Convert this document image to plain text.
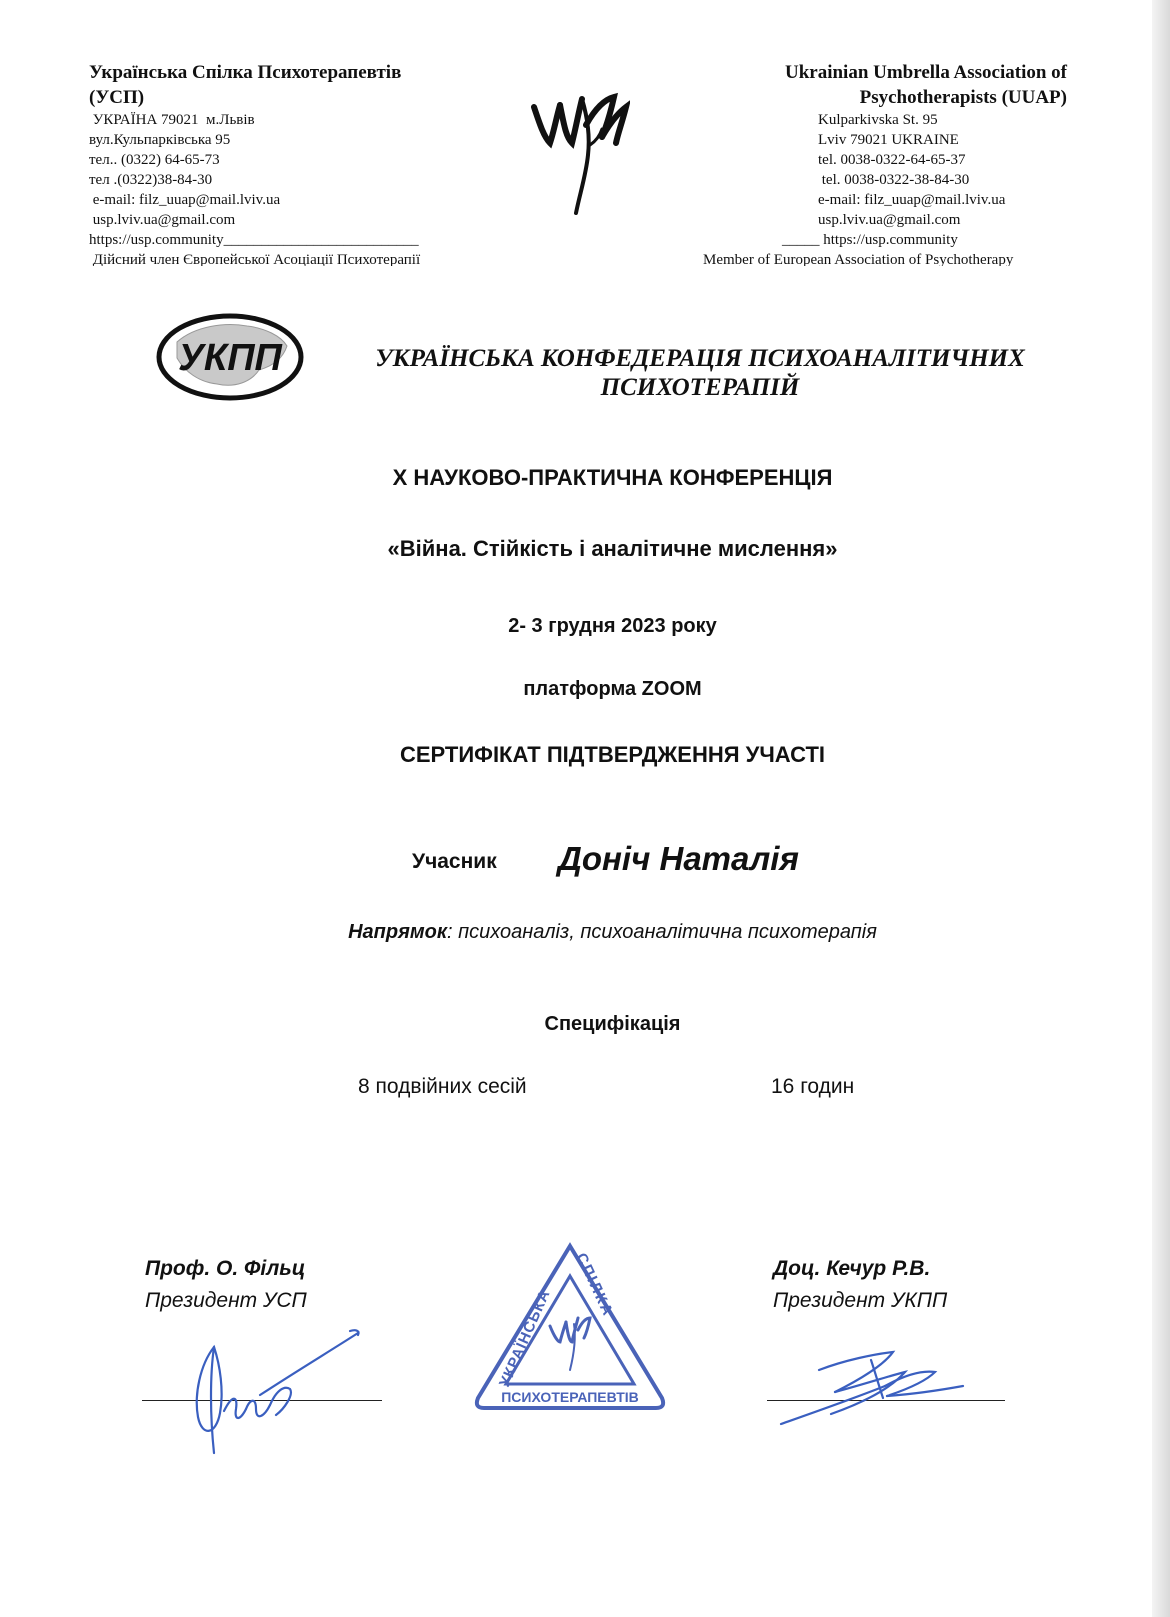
Українська Спілка Психотерапевтів
(УСП)
УКРАЇНА 79021  м.Львів
вул.Кульпарківська 95
тел.. (0322) 64-65-73
тел .(0322)38-84-30
e-mail: filz_uuap@mail.lviv.ua
usp.lviv.ua@gmail.com
https://usp.community__________________________
Дійсний член Європейської Асоціації Психотерапії
Ukrainian Umbrella Association of
Psychotherapists (UUAP)
Kulparkivska St. 95
Lviv 79021 UKRAINE
tel. 0038-0322-64-65-37
tel. 0038-0322-38-84-30
e-mail: filz_uuap@mail.lviv.ua
usp.lviv.ua@gmail.com
_____ https://usp.community
Member of European Association of Psychotherapy
УКПП	УКРАЇНСЬКА КОНФЕДЕРАЦІЯ ПСИХОАНАЛІТИЧНИХ
ПСИХОТЕРАПІЙ
X НАУКОВО-ПРАКТИЧНА КОНФЕРЕНЦІЯ
«Війна. Стійкість і аналітичне мислення»
2- 3 грудня 2023 року
платформа ZOOM
СЕРТИФІКАТ ПІДТВЕРДЖЕННЯ УЧАСТІ
Учасник Доніч Наталія
Напрямок: психоаналіз, психоаналітична психотерапія
Специфікація
8 подвійних сесій	16 годин
Проф. О. Фільц
Президент УСП
УКРАЇНСЬКА
СПІЛКА
ПСИХОТЕРАПЕВТІВ
Доц. Кечур Р.В.
Президент УКПП
